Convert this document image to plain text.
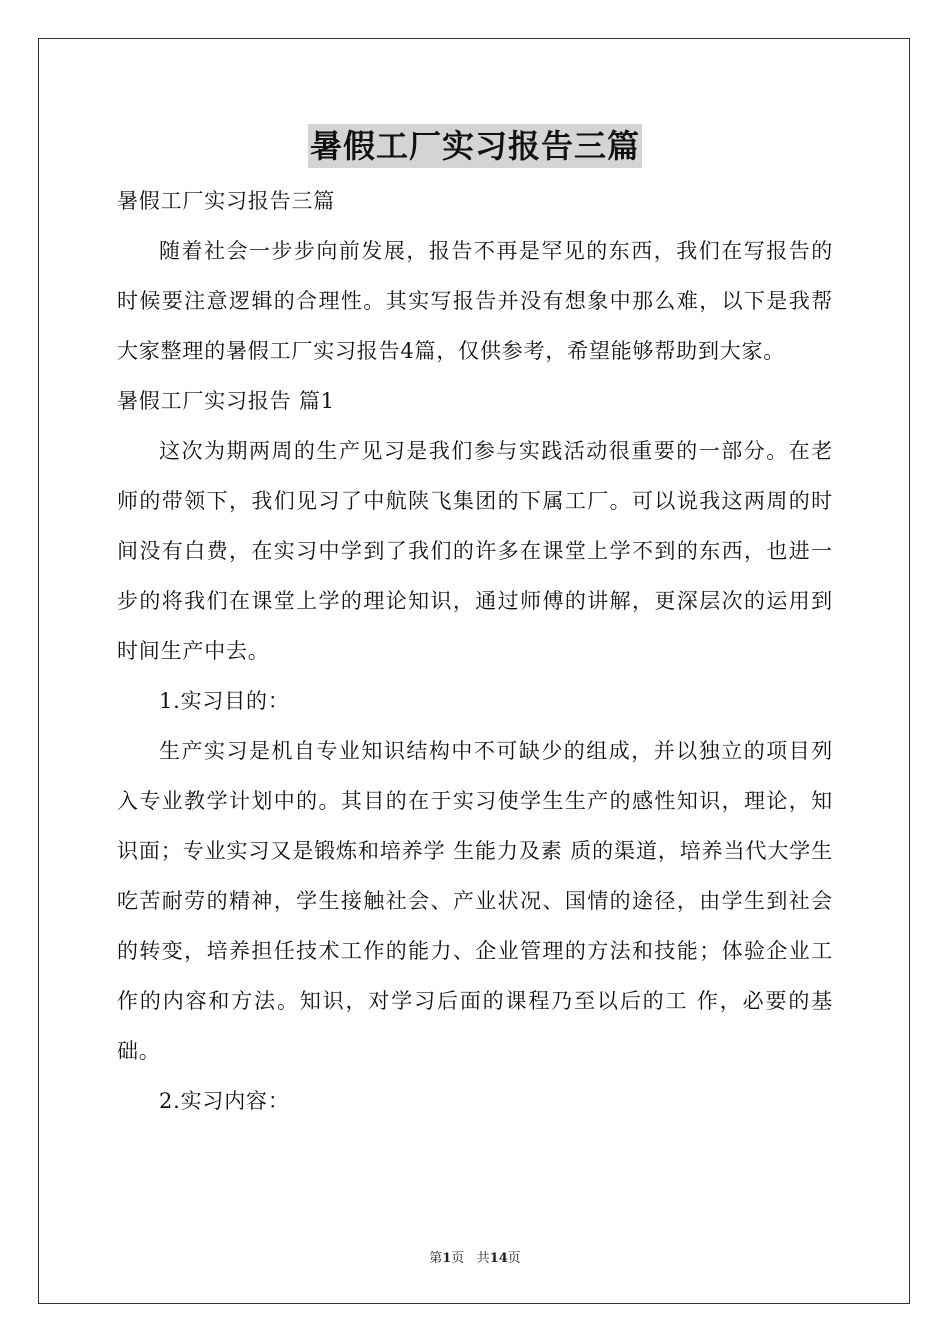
暑假工厂实习报告三篇

暑假工厂实习报告三篇

随着社会一步步向前发展，报告不再是罕见的东西，我们在写报告的时候要注意逻辑的合理性。其实写报告并没有想象中那么难，以下是我帮大家整理的暑假工厂实习报告4篇，仅供参考，希望能够帮助到大家。

暑假工厂实习报告 篇1

这次为期两周的生产见习是我们参与实践活动很重要的一部分。在老师的带领下，我们见习了中航陕飞集团的下属工厂。可以说我这两周的时间没有白费，在实习中学到了我们的许多在课堂上学不到的东西，也进一步的将我们在课堂上学的理论知识，通过师傅的讲解，更深层次的运用到时间生产中去。

1.实习目的：

生产实习是机自专业知识结构中不可缺少的组成，并以独立的项目列入专业教学计划中的。其目的在于实习使学生生产的感性知识，理论，知识面；专业实习又是锻炼和培养学 生能力及素 质的渠道，培养当代大学生吃苦耐劳的精神，学生接触社会、产业状况、国情的途径，由学生到社会的转变，培养担任技术工作的能力、企业管理的方法和技能；体验企业工作的内容和方法。知识，对学习后面的课程乃至以后的工 作，必要的基础。

2.实习内容：

第1页 共14页
